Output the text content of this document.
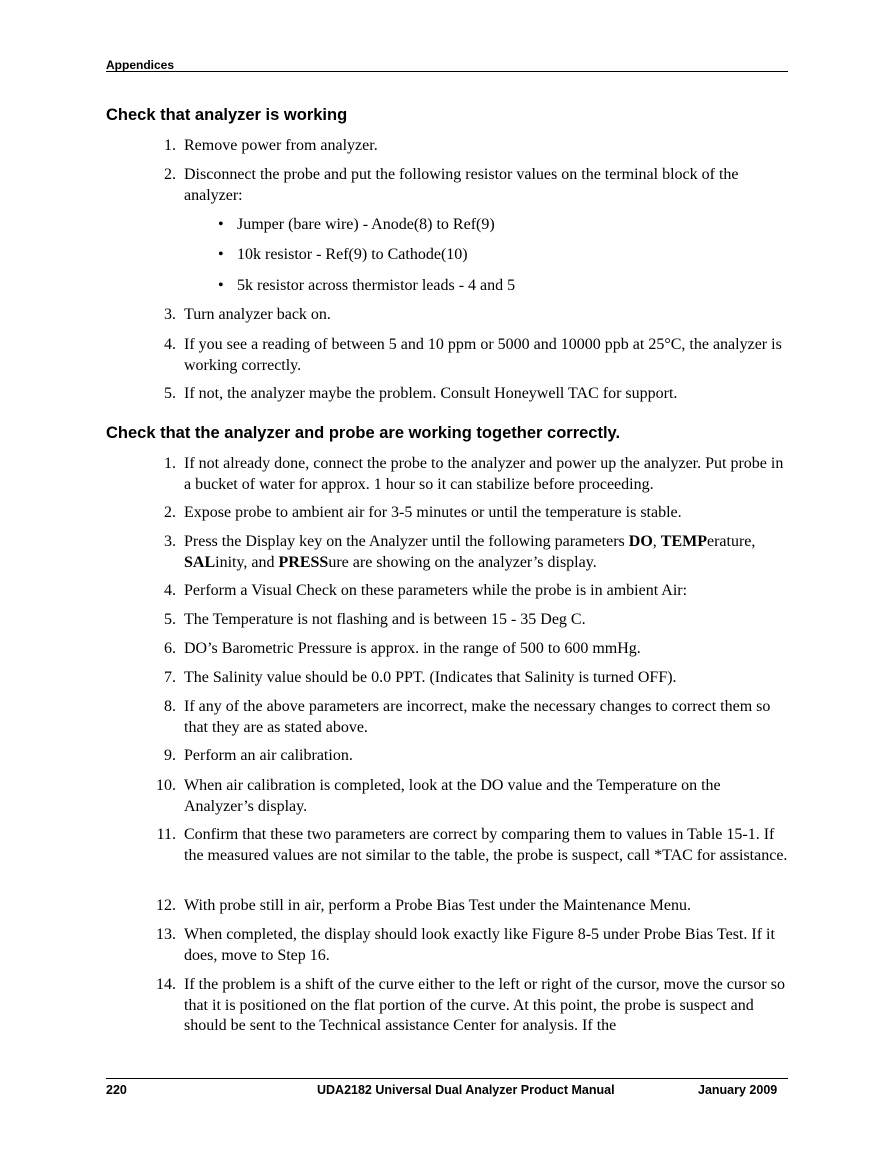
Appendices
Check that analyzer is working
1. Remove power from analyzer.
2. Disconnect the probe and put the following resistor values on the terminal block of the analyzer:
• Jumper (bare wire) - Anode(8) to Ref(9)
• 10k resistor - Ref(9) to Cathode(10)
• 5k resistor across thermistor leads - 4 and 5
3. Turn analyzer back on.
4. If you see a reading of between 5 and 10 ppm or 5000 and 10000 ppb at 25°C, the analyzer is working correctly.
5. If not, the analyzer maybe the problem. Consult Honeywell TAC for support.
Check that the analyzer and probe are working together correctly.
1. If not already done, connect the probe to the analyzer and power up the analyzer. Put probe in a bucket of water for approx. 1 hour so it can stabilize before proceeding.
2. Expose probe to ambient air for 3-5 minutes or until the temperature is stable.
3. Press the Display key on the Analyzer until the following parameters DO, TEMPerature, SALinity, and PRESSure are showing on the analyzer’s display.
4. Perform a Visual Check on these parameters while the probe is in ambient Air:
5. The Temperature is not flashing and is between 15 - 35 Deg C.
6. DO’s Barometric Pressure is approx. in the range of 500 to 600 mmHg.
7. The Salinity value should be 0.0 PPT. (Indicates that Salinity is turned OFF).
8. If any of the above parameters are incorrect, make the necessary changes to correct them so that they are as stated above.
9. Perform an air calibration.
10. When air calibration is completed, look at the DO value and the Temperature on the Analyzer’s display.
11. Confirm that these two parameters are correct by comparing them to values in Table 15-1. If the measured values are not similar to the table, the probe is suspect, call *TAC for assistance.
12. With probe still in air, perform a Probe Bias Test under the Maintenance Menu.
13. When completed, the display should look exactly like Figure 8-5 under Probe Bias Test. If it does, move to Step 16.
14. If the problem is a shift of the curve either to the left or right of the cursor, move the cursor so that it is positioned on the flat portion of the curve. At this point, the probe is suspect and should be sent to the Technical assistance Center for analysis. If the
220	UDA2182 Universal Dual Analyzer Product Manual	January 2009
